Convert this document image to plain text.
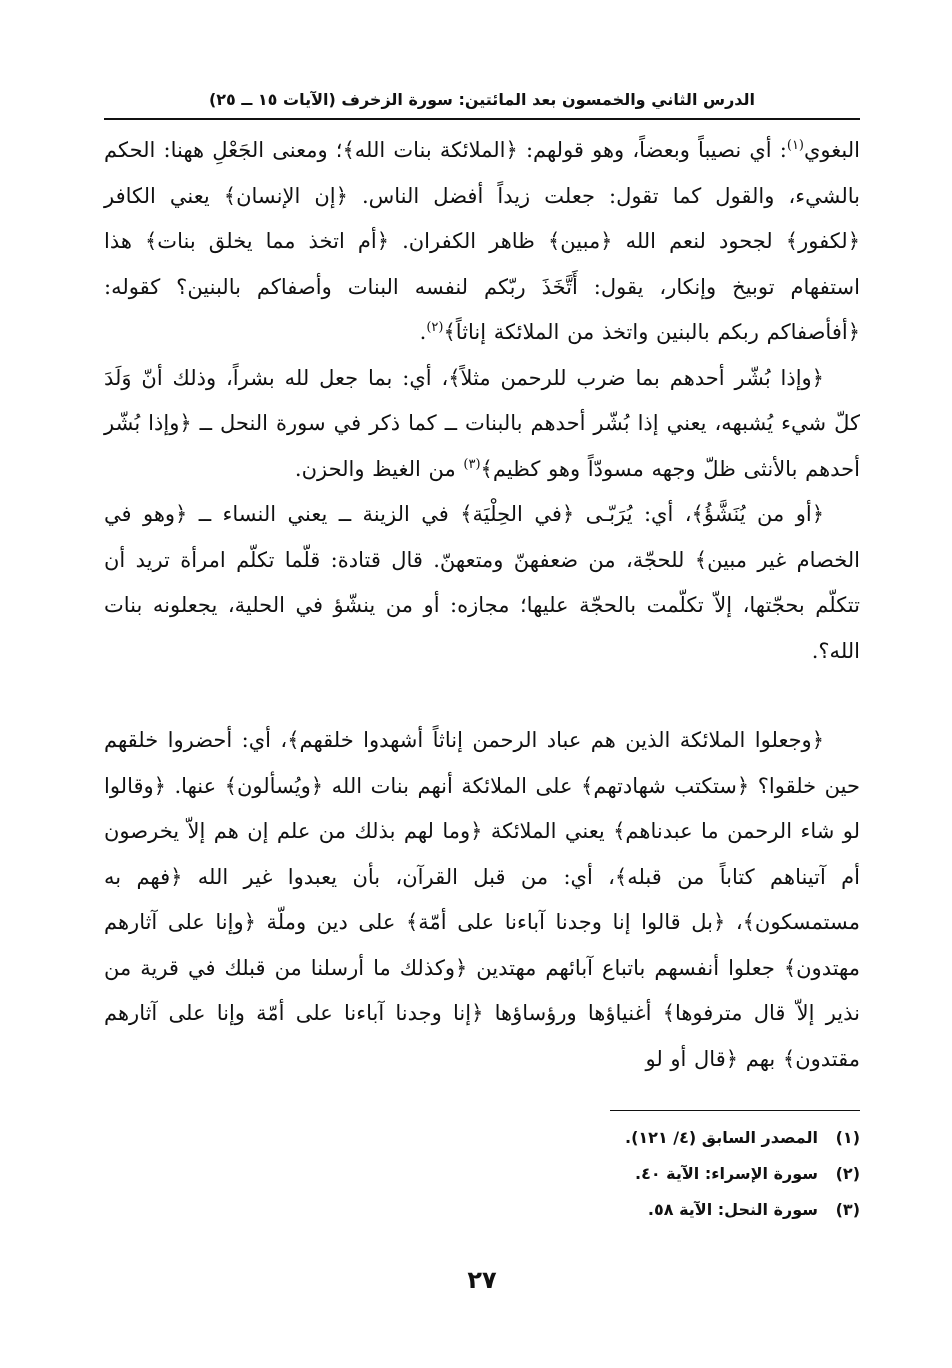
الدرس الثاني والخمسون بعد المائتين: سورة الزخرف (الآيات ١٥ ــ ٢٥)

البغوي$^{(١)}$: أي نصيباً وبعضاً، وهو قولهم: ﴿الملائكة بنات الله﴾؛ ومعنى الجَعْلِ ههنا: الحكم بالشيء، والقول كما تقول: جعلت زيداً أفضل الناس. ﴿إن الإنسان﴾ يعني الكافر ﴿لكفور﴾ لجحود لنعم الله ﴿مبين﴾ ظاهر الكفران. ﴿أم اتخذ مما يخلق بنات﴾ هذا استفهام توبيخ وإنكار، يقول: أَتَّخَذَ ربّكم لنفسه البنات وأصفاكم بالبنين؟ كقوله: ﴿أفأصفاكم ربكم بالبنين واتخذ من الملائكة إناثاً﴾$^{(٢)}$.

﴿وإذا بُشّر أحدهم بما ضرب للرحمن مثلاً﴾، أي: بما جعل لله بشراً، وذلك أنّ وَلَدَ كلّ شيء يُشبهه، يعني إذا بُشّر أحدهم بالبنات ــ كما ذكر في سورة النحل ــ ﴿وإذا بُشّر أحدهم بالأنثى ظلّ وجهه مسودّاً وهو كظيم﴾$^{(٣)}$ من الغيظ والحزن.

﴿أو من يُنَشَّؤُ﴾، أي: يُرَبّـى ﴿في الحِلْيَة﴾ في الزينة ــ يعني النساء ــ ﴿وهو في الخصام غير مبين﴾ للحجّة، من ضعفهنّ ومتعهنّ. قال قتادة: قلّما تكلّم امرأة تريد أن تتكلّم بحجّتها، إلاّ تكلّمت بالحجّة عليها؛ مجازه: أو من ينشّؤ في الحلية، يجعلونه بنات الله؟.

﴿وجعلوا الملائكة الذين هم عباد الرحمن إناثاً أشهدوا خلقهم﴾، أي: أحضروا خلقهم حين خلقوا؟ ﴿ستكتب شهادتهم﴾ على الملائكة أنهم بنات الله ﴿ويُسألون﴾ عنها. ﴿وقالوا لو شاء الرحمن ما عبدناهم﴾ يعني الملائكة ﴿وما لهم بذلك من علم إن هم إلاّ يخرصون أم آتيناهم كتاباً من قبله﴾، أي: من قبل القرآن، بأن يعبدوا غير الله ﴿فهم به مستمسكون﴾، ﴿بل قالوا إنا وجدنا آباءنا على أمّة﴾ على دين وملّة ﴿وإنا على آثارهم مهتدون﴾ جعلوا أنفسهم باتباع آبائهم مهتدين ﴿وكذلك ما أرسلنا من قبلك في قرية من نذير إلاّ قال مترفوها﴾ أغنياؤها ورؤساؤها ﴿إنا وجدنا آباءنا على أمّة وإنا على آثارهم مقتدون﴾ بهم ﴿قال أو لو

(١)
المصدر السابق (٤/ ١٢١).
(٢)
سورة الإسراء: الآية ٤٠.
(٣)
سورة النحل: الآية ٥٨.
٢٧
